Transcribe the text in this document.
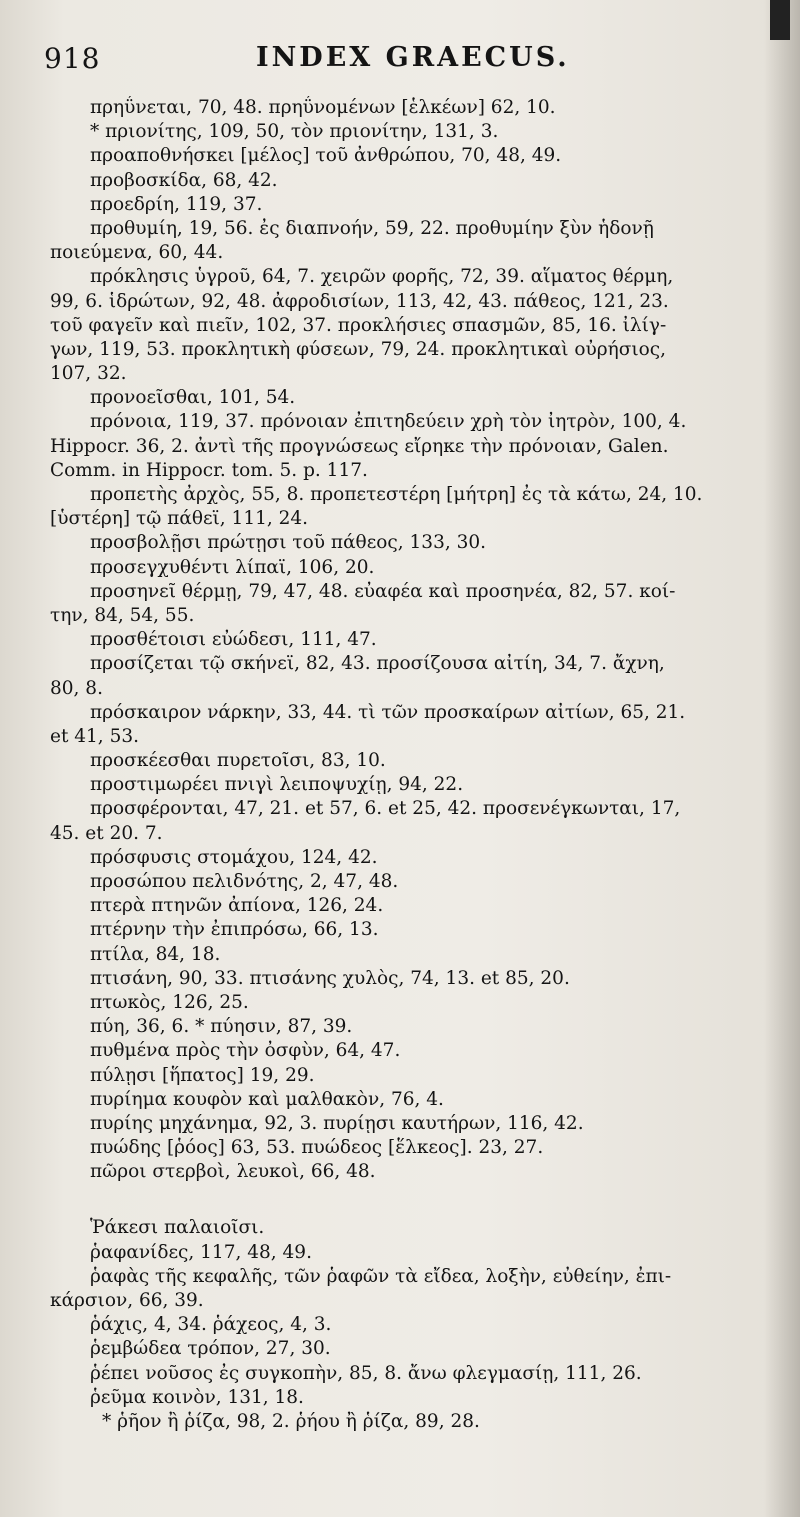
918	INDEX GRAECUS.
πρηΰνεται, 70, 48. πρηΰνομένων [ἑλκέων] 62, 10.
* πριονίτης, 109, 50, τὸν πριονίτην, 131, 3.
προαποθνήσκει [μέλος] τοῦ ἀνθρώπου, 70, 48, 49.
προβοσκίδα, 68, 42.
προεδρίη, 119, 37.
προθυμίη, 19, 56. ἐς διαπνοήν, 59, 22. προθυμίην ξὺν ἡδονῇ
ποιεύμενα, 60, 44.
πρόκλησις ὑγροῦ, 64, 7. χειρῶν φορῆς, 72, 39. αἵματος θέρμη,
99, 6. ἱδρώτων, 92, 48. ἀφροδισίων, 113, 42, 43. πάθεος, 121, 23.
τοῦ φαγεῖν καὶ πιεῖν, 102, 37. προκλήσιες σπασμῶν, 85, 16. ἰλίγ-
γων, 119, 53. προκλητικὴ φύσεων, 79, 24. προκλητικαὶ οὐρήσιος,
107, 32.
προνοεῖσθαι, 101, 54.
πρόνοια, 119, 37. πρόνοιαν ἐπιτηδεύειν χρὴ τὸν ἰητρὸν, 100, 4.
Hippocr. 36, 2. ἀντὶ τῆς προγνώσεως εἴρηκε τὴν πρόνοιαν, Galen.
Comm. in Hippocr. tom. 5. p. 117.
προπετὴς ἀρχὸς, 55, 8. προπετεστέρη [μήτρη] ἐς τὰ κάτω, 24, 10.
[ὑστέρη] τῷ πάθεϊ, 111, 24.
προσβολῇσι πρώτῃσι τοῦ πάθεος, 133, 30.
προσεγχυθέντι λίπαϊ, 106, 20.
προσηνεῖ θέρμῃ, 79, 47, 48. εὐαφέα καὶ προσηνέα, 82, 57. κοί-
την, 84, 54, 55.
προσθέτοισι εὐώδεσι, 111, 47.
προσίζεται τῷ σκήνεϊ, 82, 43. προσίζουσα αἰτίη, 34, 7. ἄχνη,
80, 8.
πρόσκαιρον νάρκην, 33, 44. τὶ τῶν προσκαίρων αἰτίων, 65, 21.
et 41, 53.
προσκέεσθαι πυρετοῖσι, 83, 10.
προστιμωρέει πνιγὶ λειποψυχίῃ, 94, 22.
προσφέρονται, 47, 21. et 57, 6. et 25, 42. προσενέγκωνται, 17,
45. et 20. 7.
πρόσφυσις στομάχου, 124, 42.
προσώπου πελιδνότης, 2, 47, 48.
πτερὰ πτηνῶν ἀπίονα, 126, 24.
πτέρνην τὴν ἐπιπρόσω, 66, 13.
πτίλα, 84, 18.
πτισάνη, 90, 33. πτισάνης χυλὸς, 74, 13. et 85, 20.
πτωκὸς, 126, 25.
πύη, 36, 6. * πύησιν, 87, 39.
πυθμένα πρὸς τὴν ὀσφὺν, 64, 47.
πύλῃσι [ἥπατος] 19, 29.
πυρίημα κουφὸν καὶ μαλθακὸν, 76, 4.
πυρίης μηχάνημα, 92, 3. πυρίῃσι καυτήρων, 116, 42.
πυώδης [ῥόος] 63, 53. πυώδεος [ἕλκεος]. 23, 27.
πῶροι στερβοὶ, λευκοὶ, 66, 48.
Ῥάκεσι παλαιοῖσι.
ῥαφανίδες, 117, 48, 49.
ῥαφὰς τῆς κεφαλῆς, τῶν ῥαφῶν τὰ εἴδεα, λοξὴν, εὐθείην, ἐπι-
κάρσιον, 66, 39.
ῥάχις, 4, 34. ῥάχεος, 4, 3.
ῥεμβώδεα τρόπον, 27, 30.
ῥέπει νοῦσος ἐς συγκοπὴν, 85, 8. ἄνω φλεγμασίῃ, 111, 26.
ῥεῦμα κοινὸν, 131, 18.
* ῥῆον ἢ ῥίζα, 98, 2. ῥήου ἢ ῥίζα, 89, 28.
